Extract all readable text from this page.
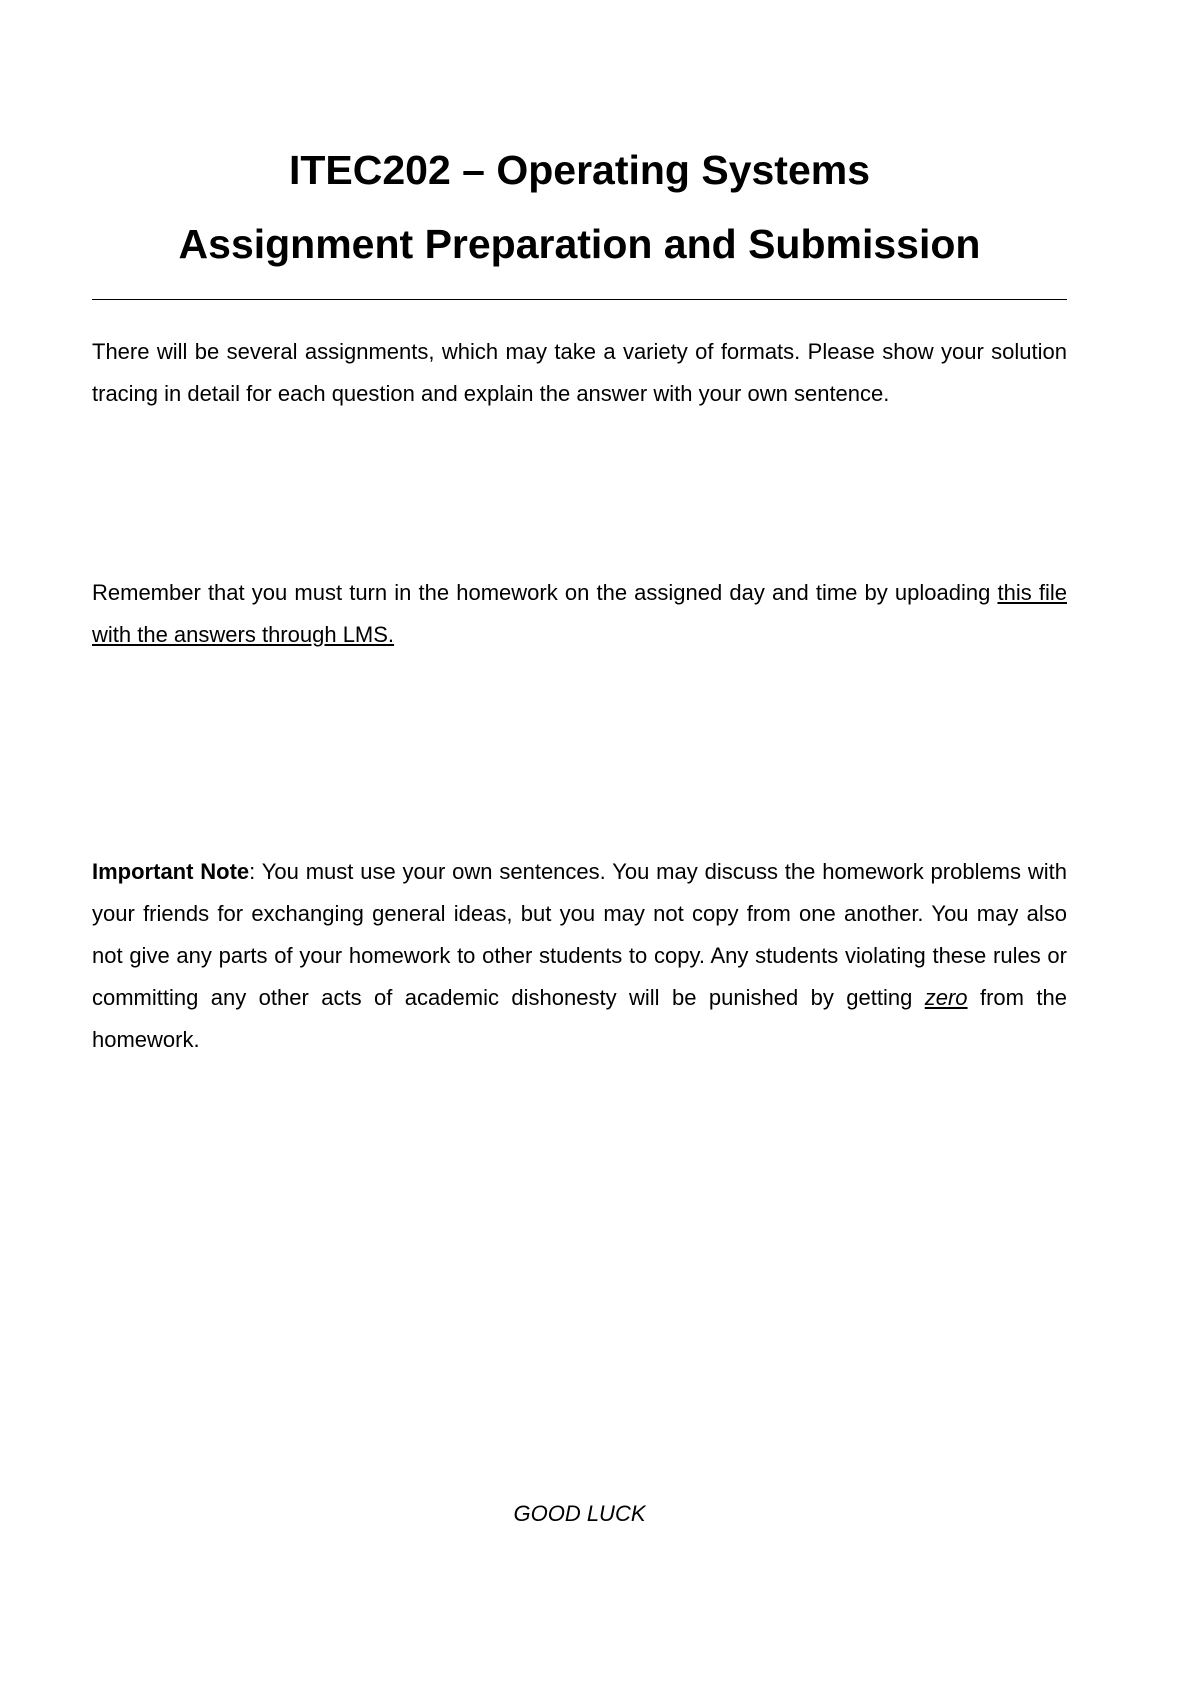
ITEC202 – Operating Systems
Assignment Preparation and Submission

There will be several assignments, which may take a variety of formats. Please show your solution tracing in detail for each question and explain the answer with your own sentence.

Remember that you must turn in the homework on the assigned day and time by uploading this file with the answers through LMS.

Important Note: You must use your own sentences. You may discuss the homework problems with your friends for exchanging general ideas, but you may not copy from one another. You may also not give any parts of your homework to other students to copy. Any students violating these rules or committing any other acts of academic dishonesty will be punished by getting zero from the homework.

GOOD LUCK
